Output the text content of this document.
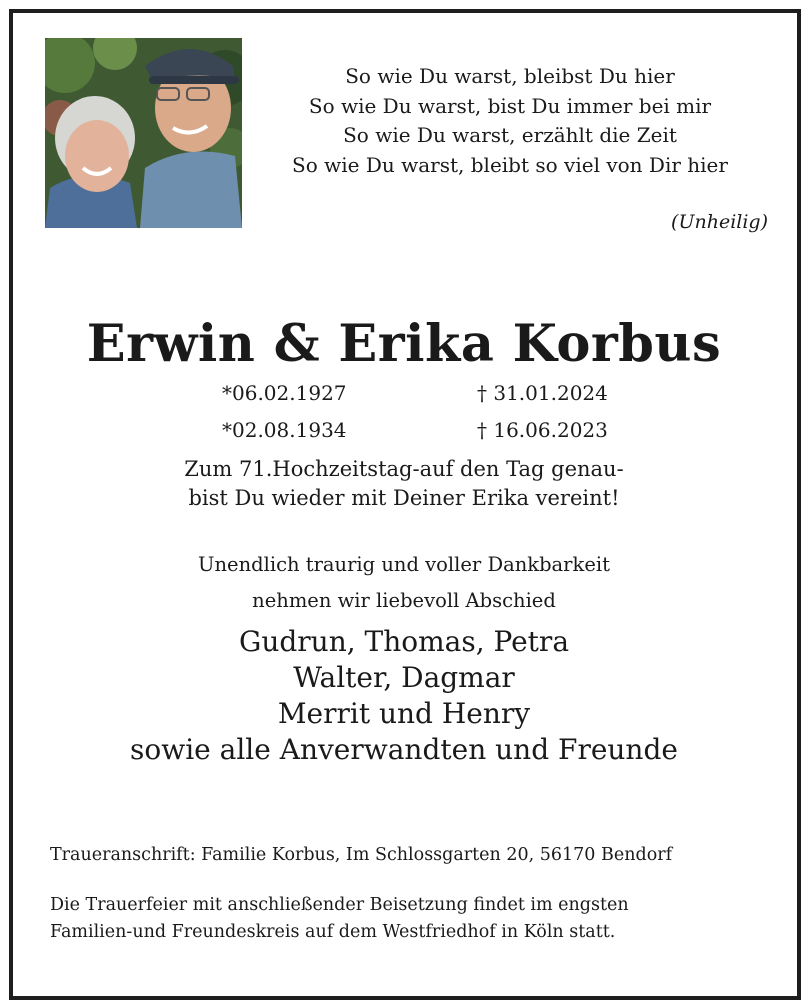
So wie Du warst, bleibst Du hier
So wie Du warst, bist Du immer bei mir
So wie Du warst, erzählt die Zeit
So wie Du warst, bleibt so viel von Dir hier
(Unheilig)
Erwin & Erika Korbus
*06.02.1927	† 31.01.2024
*02.08.1934	† 16.06.2023
Zum 71.Hochzeitstag-auf den Tag genau-
bist Du wieder mit Deiner Erika vereint!
Unendlich traurig und voller Dankbarkeit
nehmen wir liebevoll Abschied
Gudrun, Thomas, Petra
Walter, Dagmar
Merrit und Henry
sowie alle Anverwandten und Freunde
Traueranschrift: Familie Korbus, Im Schlossgarten 20, 56170 Bendorf
Die Trauerfeier mit anschließender Beisetzung findet im engsten
Familien-und Freundeskreis auf dem Westfriedhof in Köln statt.
